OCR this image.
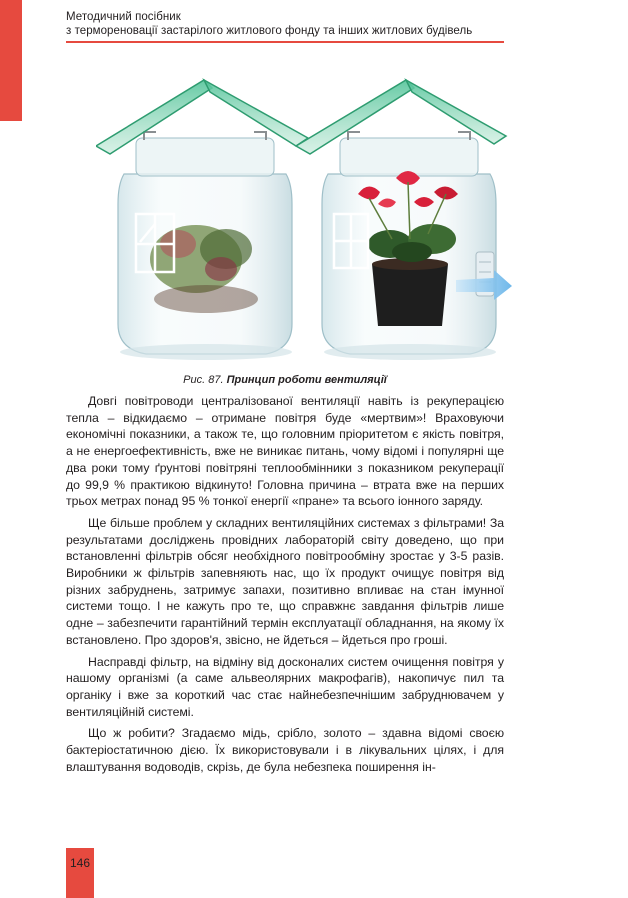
Методичний посібник
з термореновації застарілого житлового фонду та інших житлових будівель
Рис. 87. Принцип роботи вентиляції

Довгі повітроводи централізованої вентиляції навіть із рекуперацією тепла – відкидаємо – отримане повітря буде «мертвим»! Враховуючи економічні показники, а також те, що головним пріоритетом є якість повітря, а не енергоефективність, вже не виникає питань, чому відомі і популярні ще два роки тому ґрунтові повітряні теплообмінники з показником рекуперації до 99,9 % практикою відкинуто! Головна причина – втрата вже на перших трьох метрах понад 95 % тонкої енергії «пране» та всього іонного заряду.

Ще більше проблем у складних вентиляційних системах з фільтрами! За результатами досліджень провідних лабораторій світу доведено, що при встановленні фільтрів обсяг необхідного повітрообміну зростає у 3-5 разів. Виробники ж фільтрів запевняють нас, що їх продукт очищує повітря від різних забруднень, затримує запахи, позитивно впливає на стан імунної системи тощо. І не кажуть про те, що справжнє завдання фільтрів лише одне – забезпечити гарантійний термін експлуатації обладнання, на якому їх встановлено. Про здоров'я, звісно, не йдеться – йдеться про гроші.

Насправді фільтр, на відміну від досконалих систем очищення повітря у нашому організмі (а саме альвеолярних макрофагів), накопичує пил та органіку і вже за короткий час стає найнебезпечнішим забруднювачем у вентиляційній системі.

Що ж робити? Згадаємо мідь, срібло, золото – здавна відомі своєю бактеріостатичною дією. Їх використовували і в лікувальних цілях, і для влаштування водоводів, скрізь, де була небезпека поширення ін-

146
